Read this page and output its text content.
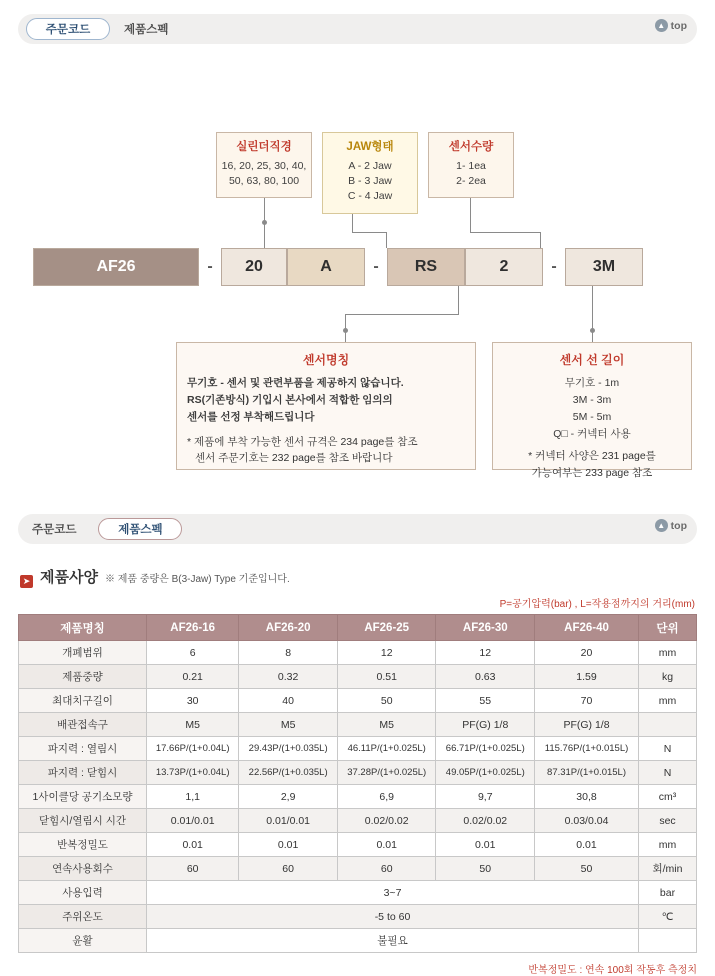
주문코드	제품스펙	▲ top
실린더직경
16, 20, 25, 30, 40,
50, 63, 80, 100
JAW형태
A - 2 Jaw
B - 3 Jaw
C - 4 Jaw
센서수량
1- 1ea
2- 2ea
AF26	-	20	A	-	RS	2	-	3M
센서명칭
무기호 - 센서 및 관련부품을 제공하지 않습니다.
RS(기존방식) 기입시 본사에서 적합한 임의의
센서를 선정 부착해드립니다
* 제품에 부착 가능한 센서 규격은 234 page를 참조
센서 주문기호는 232 page를 참조 바랍니다
센서 선 길이
무기호 - 1m
3M - 3m
5M - 5m
Q□ - 커넥터 사용
* 커넥터 사양은 231 page를
가능여부는 233 page 참조
주문코드	제품스펙	▲ top
➤ 제품사양 ※ 제품 중량은 B(3-Jaw) Type 기준입니다.
P=공기압력(bar) , L=작용점까지의 거리(mm)
제품명칭	AF26-16	AF26-20	AF26-25	AF26-30	AF26-40	단위
개폐범위	6	8	12	12	20	mm
제품중량	0.21	0.32	0.51	0.63	1.59	kg
최대치구길이	30	40	50	55	70	mm
배관접속구	M5	M5	M5	PF(G) 1/8	PF(G) 1/8	
파지력 : 열림시	17.66P/(1+0.04L)	29.43P/(1+0.035L)	46.11P/(1+0.025L)	66.71P/(1+0.025L)	115.76P/(1+0.015L)	N
파지력 : 닫힘시	13.73P/(1+0.04L)	22.56P/(1+0.035L)	37.28P/(1+0.025L)	49.05P/(1+0.025L)	87.31P/(1+0.015L)	N
1사이클당 공기소모량	1,1	2,9	6,9	9,7	30,8	cm³
닫힘시/열림시 시간	0.01/0.01	0.01/0.01	0.02/0.02	0.02/0.02	0.03/0.04	sec
반복정밀도	0.01	0.01	0.01	0.01	0.01	mm
연속사용회수	60	60	60	50	50	회/min
사용입력	3~7					bar
주위온도	-5 to 60					℃
윤활	불필요					
반복정밀도 : 연속 100회 작동후 측정치
